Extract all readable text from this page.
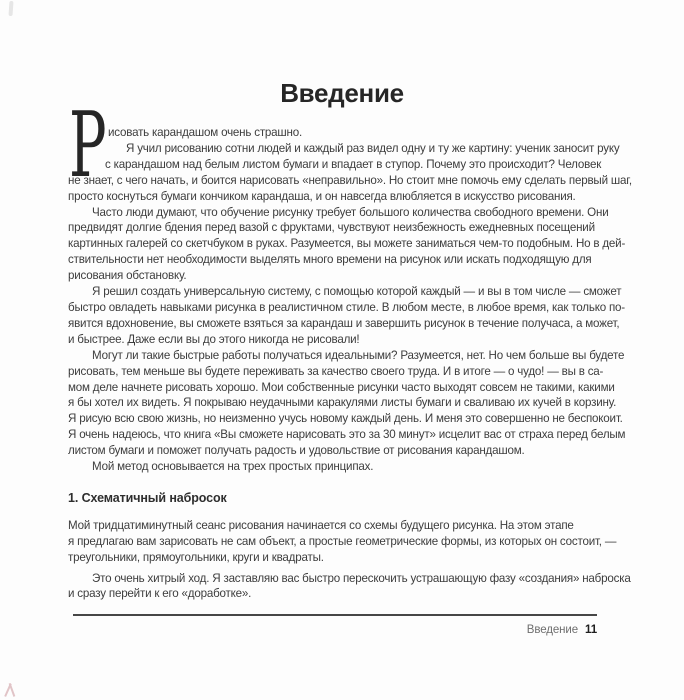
Введение
Р исовать карандашом очень страшно.
Я учил рисованию сотни людей и каждый раз видел одну и ту же картину: ученик заносит руку
с карандашом над белым листом бумаги и впадает в ступор. Почему это происходит? Человек
не знает, с чего начать, и боится нарисовать «неправильно». Но стоит мне помочь ему сделать первый шаг,
просто коснуться бумаги кончиком карандаша, и он навсегда влюбляется в искусство рисования.
Часто люди думают, что обучение рисунку требует большого количества свободного времени. Они
предвидят долгие бдения перед вазой с фруктами, чувствуют неизбежность ежедневных посещений
картинных галерей со скетчбуком в руках. Разумеется, вы можете заниматься чем-то подобным. Но в дей-
ствительности нет необходимости выделять много времени на рисунок или искать подходящую для
рисования обстановку.
Я решил создать универсальную систему, с помощью которой каждый — и вы в том числе — сможет
быстро овладеть навыками рисунка в реалистичном стиле. В любом месте, в любое время, как только по-
явится вдохновение, вы сможете взяться за карандаш и завершить рисунок в течение получаса, а может,
и быстрее. Даже если вы до этого никогда не рисовали!
Могут ли такие быстрые работы получаться идеальными? Разумеется, нет. Но чем больше вы будете
рисовать, тем меньше вы будете переживать за качество своего труда. И в итоге — о чудо! — вы в са-
мом деле начнете рисовать хорошо. Мои собственные рисунки часто выходят совсем не такими, какими
я бы хотел их видеть. Я покрываю неудачными каракулями листы бумаги и сваливаю их кучей в корзину.
Я рисую всю свою жизнь, но неизменно учусь новому каждый день. И меня это совершенно не беспокоит.
Я очень надеюсь, что книга «Вы сможете нарисовать это за 30 минут» исцелит вас от страха перед белым
листом бумаги и поможет получать радость и удовольствие от рисования карандашом.
Мой метод основывается на трех простых принципах.
1. Схематичный набросок
Мой тридцатиминутный сеанс рисования начинается со схемы будущего рисунка. На этом этапе
я предлагаю вам зарисовать не сам объект, а простые геометрические формы, из которых он состоит, —
треугольники, прямоугольники, круги и квадраты.
Это очень хитрый ход. Я заставляю вас быстро перескочить устрашающую фазу «создания» наброска
и сразу перейти к его «доработке».
Введение 11
